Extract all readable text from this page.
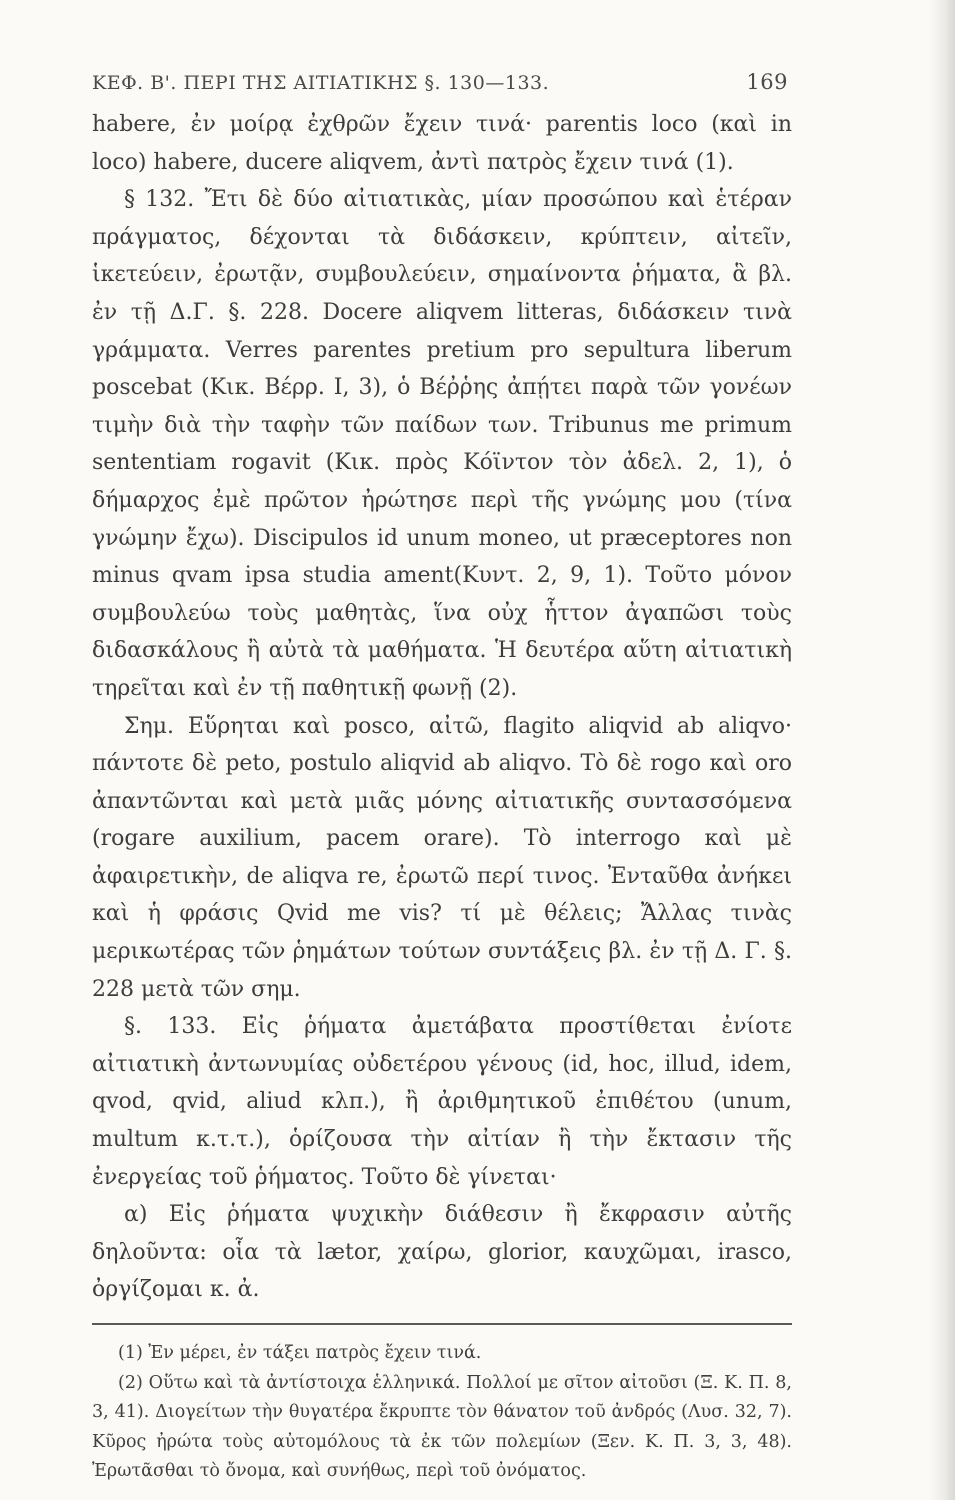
ΚΕΦ. Β'. ΠΕΡΙ ΤΗΣ ΑΙΤΙΑΤΙΚΗΣ §. 130—133.	169

habere, ἐν μοίρᾳ ἐχθρῶν ἔχειν τινά· parentis loco (καὶ in loco) habere, ducere aliqvem, ἀντὶ πατρὸς ἔχειν τινά (1).

§ 132. Ἔτι δὲ δύο αἰτιατικὰς, μίαν προσώπου καὶ ἑτέραν πράγματος, δέχονται τὰ διδάσκειν, κρύπτειν, αἰτεῖν, ἱκετεύειν, ἐρωτᾷν, συμβουλεύειν, σημαίνοντα ῥήματα, ἃ βλ. ἐν τῇ Δ.Γ. §. 228. Docere aliqvem litteras, διδάσκειν τινὰ γράμματα. Verres parentes pretium pro sepultura liberum poscebat (Κικ. Βέρρ. I, 3), ὁ Βέῤῥης ἀπῄτει παρὰ τῶν γονέων τιμὴν διὰ τὴν ταφὴν τῶν παίδων των. Tribunus me primum sententiam rogavit (Κικ. πρὸς Κόϊντον τὸν ἀδελ. 2, 1), ὁ δήμαρχος ἐμὲ πρῶτον ἠρώτησε περὶ τῆς γνώμης μου (τίνα γνώμην ἔχω). Discipulos id unum moneo, ut præceptores non minus qvam ipsa studia ament(Κυντ. 2, 9, 1). Τοῦτο μόνον συμβουλεύω τοὺς μαθητὰς, ἵνα οὐχ ἧττον ἀγαπῶσι τοὺς διδασκάλους ἢ αὐτὰ τὰ μαθήματα. Ἡ δευτέρα αὕτη αἰτιατικὴ τηρεῖται καὶ ἐν τῇ παθητικῇ φωνῇ (2).

Σημ. Εὕρηται καὶ posco, αἰτῶ, flagito aliqvid ab aliqvo· πάντοτε δὲ peto, postulo aliqvid ab aliqvo. Τὸ δὲ rogo καὶ oro ἀπαντῶνται καὶ μετὰ μιᾶς μόνης αἰτιατικῆς συντασσόμενα (rogare auxilium, pacem orare). Τὸ interrogo καὶ μὲ ἀφαιρετικὴν, de aliqva re, ἐρωτῶ περί τινος. Ἐνταῦθα ἀνήκει καὶ ἡ φράσις Qvid me vis? τί μὲ θέλεις; Ἄλλας τινὰς μερικωτέρας τῶν ῥημάτων τούτων συντάξεις βλ. ἐν τῇ Δ. Γ. §. 228 μετὰ τῶν σημ.

§. 133. Εἰς ῥήματα ἀμετάβατα προστίθεται ἐνίοτε αἰτιατικὴ ἀντωνυμίας οὐδετέρου γένους (id, hoc, illud, idem, qvod, qvid, aliud κλπ.), ἢ ἀριθμητικοῦ ἐπιθέτου (unum, multum κ.τ.τ.), ὁρίζουσα τὴν αἰτίαν ἢ τὴν ἔκτασιν τῆς ἐνεργείας τοῦ ῥήματος. Τοῦτο δὲ γίνεται·

α) Εἰς ῥήματα ψυχικὴν διάθεσιν ἢ ἔκφρασιν αὐτῆς δηλοῦντα: οἷα τὰ lætor, χαίρω, glorior, καυχῶμαι, irasco, ὀργίζομαι κ. ἀ.

(1) Ἐν μέρει, ἐν τάξει πατρὸς ἔχειν τινά.

(2) Οὕτω καὶ τὰ ἀντίστοιχα ἑλληνικά. Πολλοί με σῖτον αἰτοῦσι (Ξ. Κ. Π. 8, 3, 41). Διογείτων τὴν θυγατέρα ἔκρυπτε τὸν θάνατον τοῦ ἀνδρός (Λυσ. 32, 7). Κῦρος ἠρώτα τοὺς αὐτομόλους τὰ ἐκ τῶν πολεμίων (Ξεν. Κ. Π. 3, 3, 48). Ἐρωτᾶσθαι τὸ ὄνομα, καὶ συνήθως, περὶ τοῦ ὀνόματος.
